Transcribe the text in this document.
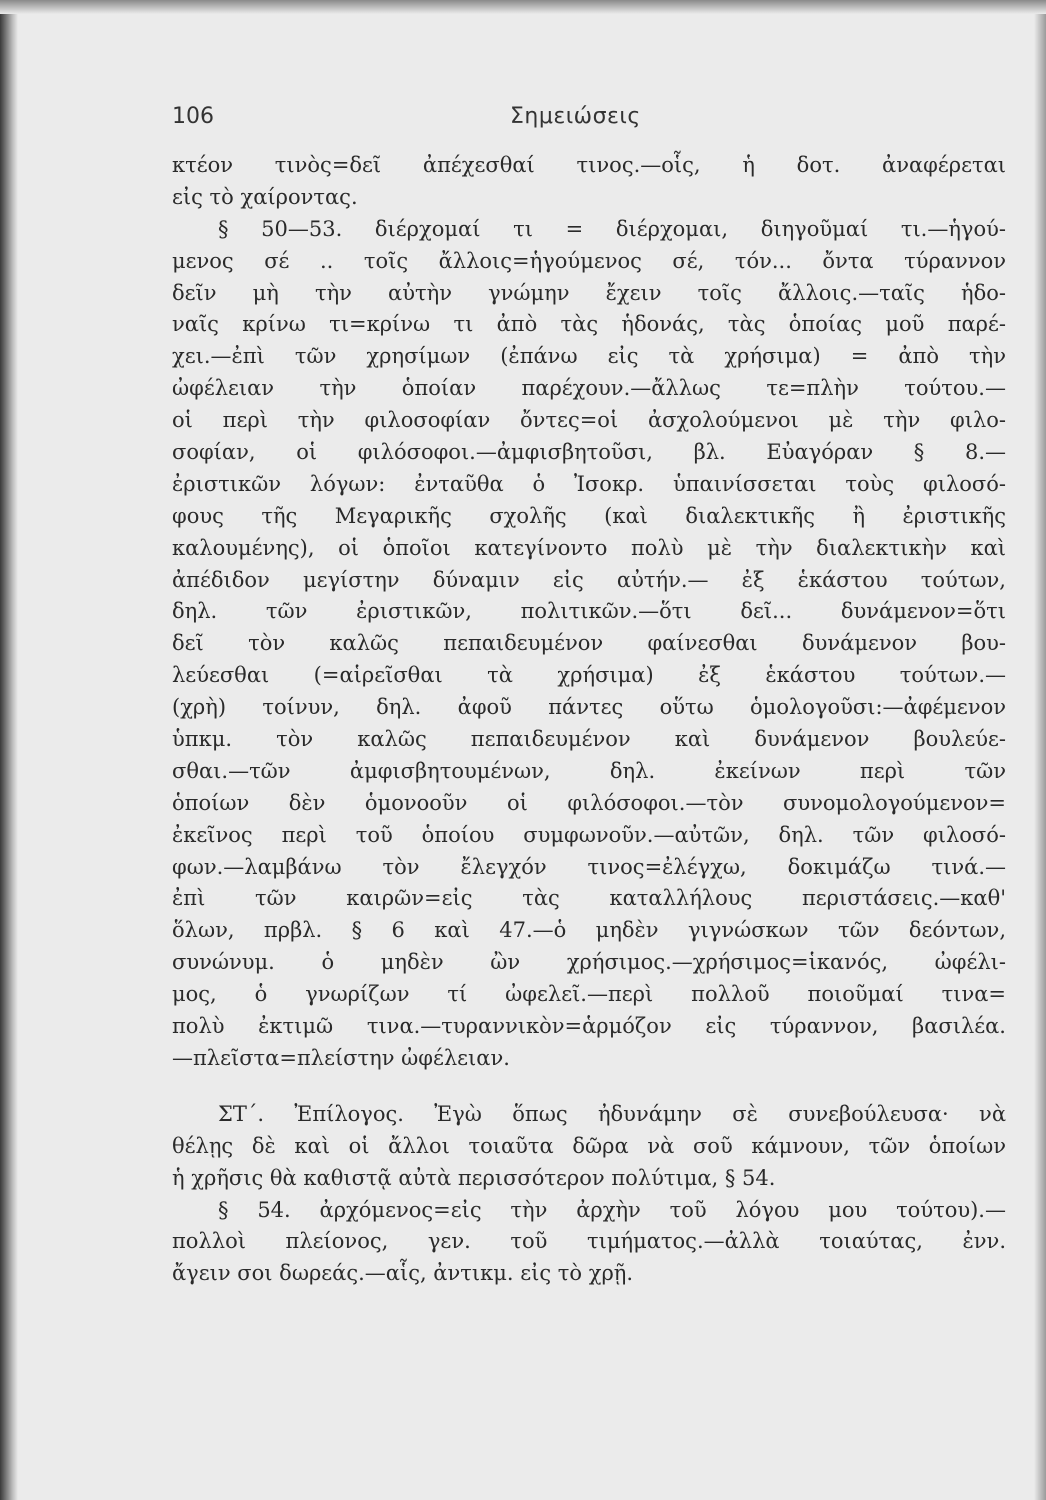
106	Σημειώσεις
κτέον τινὸς=δεῖ ἀπέχεσθαί τινος.—οἷς, ἡ δοτ. ἀναφέρεται
εἰς τὸ χαίροντας.
§ 50—53. διέρχομαί τι = διέρχομαι, διηγοῦμαί τι.—ἡγού-
μενος σέ .. τοῖς ἄλλοις=ἡγούμενος σέ, τόν... ὄντα τύραννον
δεῖν μὴ τὴν αὐτὴν γνώμην ἔχειν τοῖς ἄλλοις.—ταῖς ἡδο-
ναῖς κρίνω τι=κρίνω τι ἀπὸ τὰς ἡδονάς, τὰς ὁποίας μοῦ παρέ-
χει.—ἐπὶ τῶν χρησίμων (ἐπάνω εἰς τὰ χρήσιμα) = ἀπὸ τὴν
ὠφέλειαν τὴν ὁποίαν παρέχουν.—ἄλλως τε=πλὴν τούτου.—
οἱ περὶ τὴν φιλοσοφίαν ὄντες=οἱ ἀσχολούμενοι μὲ τὴν φιλο-
σοφίαν, οἱ φιλόσοφοι.—ἀμφισβητοῦσι, βλ. Εὐαγόραν § 8.—
ἐριστικῶν λόγων: ἐνταῦθα ὁ Ἰσοκρ. ὑπαινίσσεται τοὺς φιλοσό-
φους τῆς Μεγαρικῆς σχολῆς (καὶ διαλεκτικῆς ἢ ἐριστικῆς
καλουμένης), οἱ ὁποῖοι κατεγίνοντο πολὺ μὲ τὴν διαλεκτικὴν καὶ
ἀπέδιδον μεγίστην δύναμιν εἰς αὐτήν.— ἐξ ἑκάστου τούτων,
δηλ. τῶν ἐριστικῶν, πολιτικῶν.—ὅτι δεῖ... δυνάμενον=ὅτι
δεῖ τὸν καλῶς πεπαιδευμένον φαίνεσθαι δυνάμενον βου-
λεύεσθαι (=αἱρεῖσθαι τὰ χρήσιμα) ἐξ ἑκάστου τούτων.—
(χρὴ) τοίνυν, δηλ. ἀφοῦ πάντες οὕτω ὁμολογοῦσι:—ἀφέμενον
ὑπκμ. τὸν καλῶς πεπαιδευμένον καὶ δυνάμενον βουλεύε-
σθαι.—τῶν ἀμφισβητουμένων, δηλ. ἐκείνων περὶ τῶν
ὁποίων δὲν ὁμονοοῦν οἱ φιλόσοφοι.—τὸν συνομολογούμενον=
ἐκεῖνος περὶ τοῦ ὁποίου συμφωνοῦν.—αὐτῶν, δηλ. τῶν φιλοσό-
φων.—λαμβάνω τὸν ἔλεγχόν τινος=ἐλέγχω, δοκιμάζω τινά.—
ἐπὶ τῶν καιρῶν=εἰς τὰς καταλλήλους περιστάσεις.—καθ'
ὅλων, πρβλ. § 6 καὶ 47.—ὁ μηδὲν γιγνώσκων τῶν δεόντων,
συνώνυμ. ὁ μηδὲν ὢν χρήσιμος.—χρήσιμος=ἱκανός, ὠφέλι-
μος, ὁ γνωρίζων τί ὠφελεῖ.—περὶ πολλοῦ ποιοῦμαί τινα=
πολὺ ἐκτιμῶ τινα.—τυραννικὸν=ἁρμόζον εἰς τύραννον, βασιλέα.
—πλεῖστα=πλείστην ὠφέλειαν.
ΣΤ΄. Ἐπίλογος. Ἐγὼ ὅπως ἠδυνάμην σὲ συνεβούλευσα· νὰ
θέλῃς δὲ καὶ οἱ ἄλλοι τοιαῦτα δῶρα νὰ σοῦ κάμνουν, τῶν ὁποίων
ἡ χρῆσις θὰ καθιστᾷ αὐτὰ περισσότερον πολύτιμα, § 54.
§ 54. ἀρχόμενος=εἰς τὴν ἀρχὴν τοῦ λόγου μου τούτου).—
πολλοὶ πλείονος, γεν. τοῦ τιμήματος.—ἀλλὰ τοιαύτας, ἐνν.
ἄγειν σοι δωρεάς.—αἷς, ἀντικμ. εἰς τὸ χρῇ.
